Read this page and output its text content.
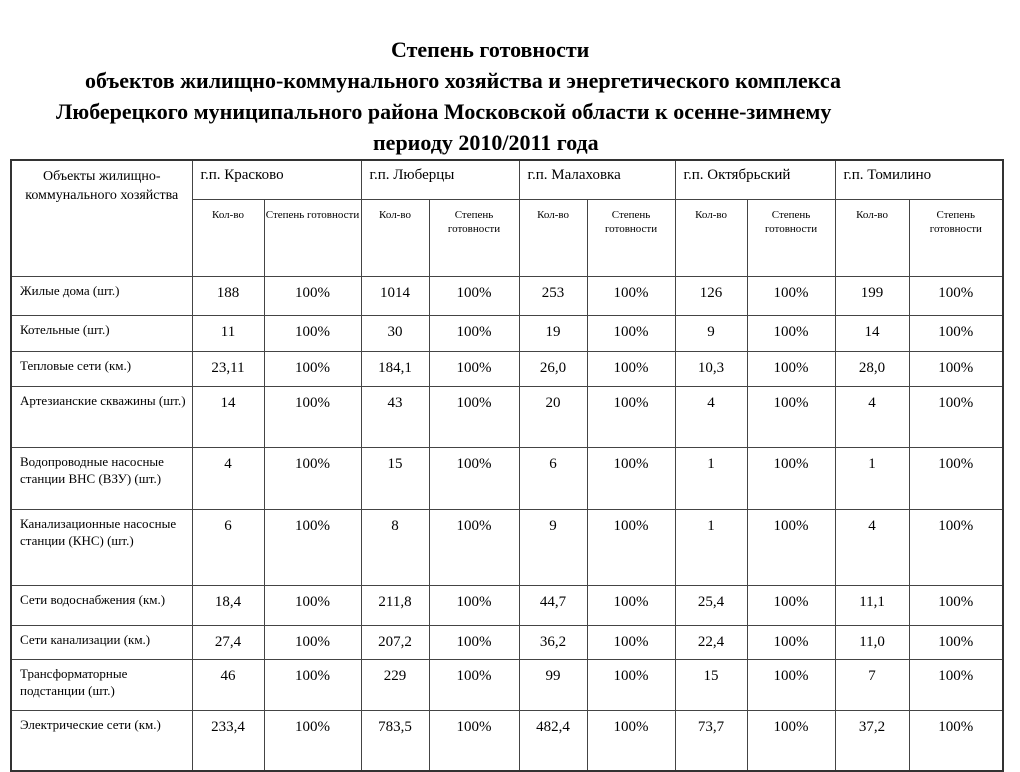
Степень готовности
объектов жилищно-коммунального хозяйства и энергетического комплекса
Люберецкого муниципального района Московской области к осенне-зимнему
периоду 2010/2011 года
Объекты жилищно-коммунального хозяйства	г.п. Красково		г.п. Люберцы		г.п. Малаховка		г.п. Октябрьский		г.п. Томилино	
	Кол-во	Степень готовности	Кол-во	Степень готовности	Кол-во	Степень готовности	Кол-во	Степень готовности	Кол-во	Степень готовности
Жилые дома (шт.)	188	100%	1014	100%	253	100%	126	100%	199	100%
Котельные (шт.)	11	100%	30	100%	19	100%	9	100%	14	100%
Тепловые сети (км.)	23,11	100%	184,1	100%	26,0	100%	10,3	100%	28,0	100%
Артезианские скважины (шт.)	14	100%	43	100%	20	100%	4	100%	4	100%
Водопроводные насосные станции ВНС (ВЗУ) (шт.)	4	100%	15	100%	6	100%	1	100%	1	100%
Канализационные насосные станции (КНС) (шт.)	6	100%	8	100%	9	100%	1	100%	4	100%
Сети водоснабжения (км.)	18,4	100%	211,8	100%	44,7	100%	25,4	100%	11,1	100%
Сети канализации (км.)	27,4	100%	207,2	100%	36,2	100%	22,4	100%	11,0	100%
Трансформаторные подстанции (шт.)	46	100%	229	100%	99	100%	15	100%	7	100%
Электрические сети (км.)	233,4	100%	783,5	100%	482,4	100%	73,7	100%	37,2	100%
